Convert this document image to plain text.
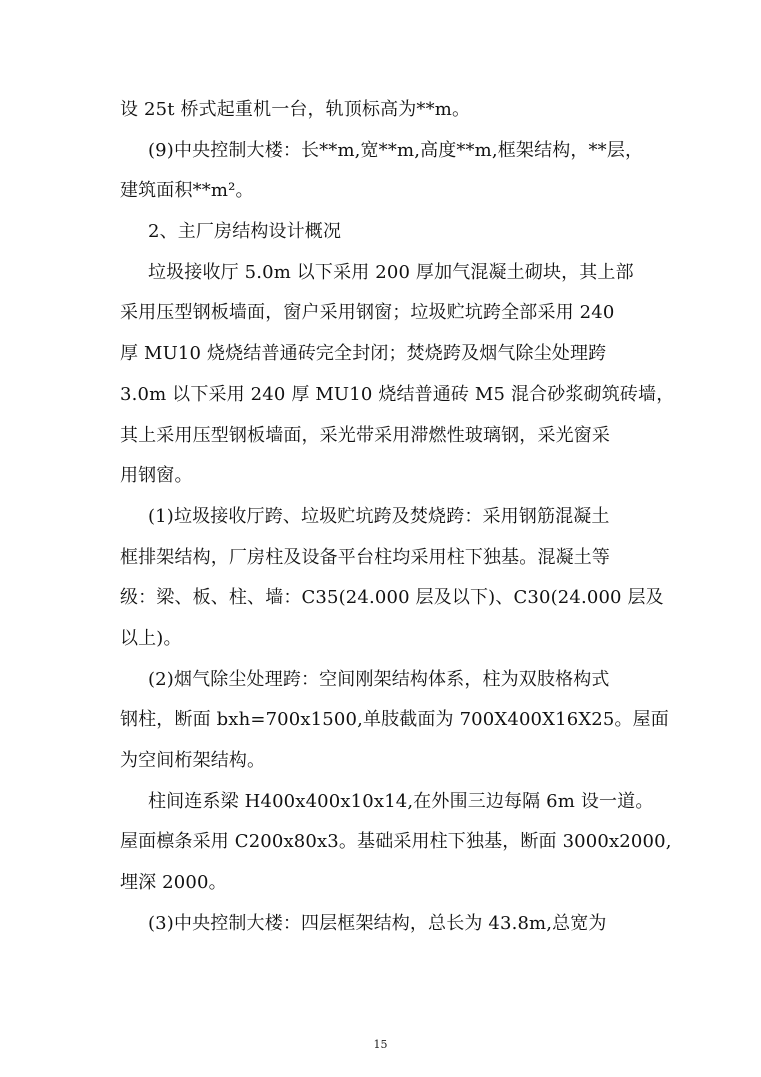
设 25t 桥式起重机一台，轨顶标高为**m。
(9)中央控制大楼：长**m,宽**m,高度**m,框架结构，**层，
建筑面积**m²。
2、主厂房结构设计概况
垃圾接收厅 5.0m 以下采用 200 厚加气混凝土砌块，其上部
采用压型钢板墙面，窗户采用钢窗；垃圾贮坑跨全部采用 240
厚 MU10 烧烧结普通砖完全封闭；焚烧跨及烟气除尘处理跨
3.0m 以下采用 240 厚 MU10 烧结普通砖 M5 混合砂浆砌筑砖墙，
其上采用压型钢板墙面，采光带采用滞燃性玻璃钢，采光窗采
用钢窗。
(1)垃圾接收厅跨、垃圾贮坑跨及焚烧跨：采用钢筋混凝土
框排架结构，厂房柱及设备平台柱均采用柱下独基。混凝土等
级：梁、板、柱、墙：C35(24.000 层及以下)、C30(24.000 层及
以上)。
(2)烟气除尘处理跨：空间刚架结构体系，柱为双肢格构式
钢柱，断面 bxh=700x1500,单肢截面为 700X400X16X25。屋面
为空间桁架结构。
柱间连系梁 H400x400x10x14,在外围三边每隔 6m 设一道。
屋面檩条采用 C200x80x3。基础采用柱下独基，断面 3000x2000,
埋深 2000。
(3)中央控制大楼：四层框架结构，总长为 43.8m,总宽为
15
